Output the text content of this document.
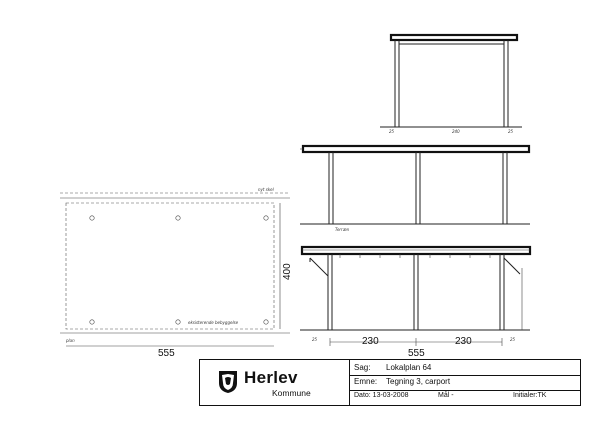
25	240	25
Terræn
230	230
555
25	25
nyt skel
eksisterende bebyggelse
plan
555
400
Herlev
Kommune
Sag: Lokalplan 64
Emne: Tegning 3, carport
Dato: 13-03-2008	Mål -	Initialer:TK
